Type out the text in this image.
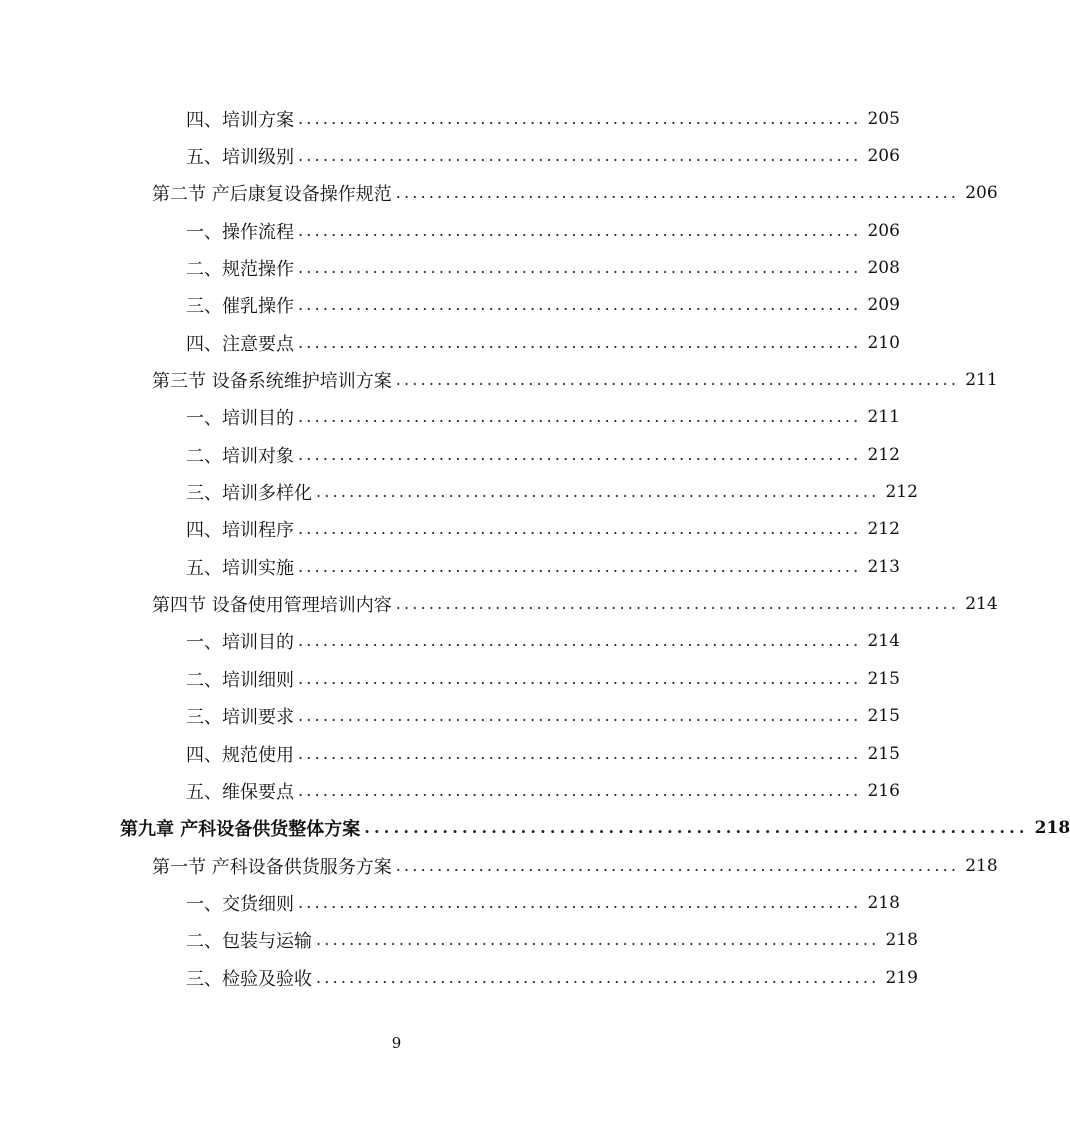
四、培训方案 .................................................................... 205
五、培训级别 .................................................................... 206
第二节 产后康复设备操作规范 .................................................................... 206
一、操作流程 .................................................................... 206
二、规范操作 .................................................................... 208
三、催乳操作 .................................................................... 209
四、注意要点 .................................................................... 210
第三节 设备系统维护培训方案 .................................................................... 211
一、培训目的 .................................................................... 211
二、培训对象 .................................................................... 212
三、培训多样化 .................................................................... 212
四、培训程序 .................................................................... 212
五、培训实施 .................................................................... 213
第四节 设备使用管理培训内容 .................................................................... 214
一、培训目的 .................................................................... 214
二、培训细则 .................................................................... 215
三、培训要求 .................................................................... 215
四、规范使用 .................................................................... 215
五、维保要点 .................................................................... 216
第九章 产科设备供货整体方案 .................................................................... 218
第一节 产科设备供货服务方案 .................................................................... 218
一、交货细则 .................................................................... 218
二、包装与运输 .................................................................... 218
三、检验及验收 .................................................................... 219
9
